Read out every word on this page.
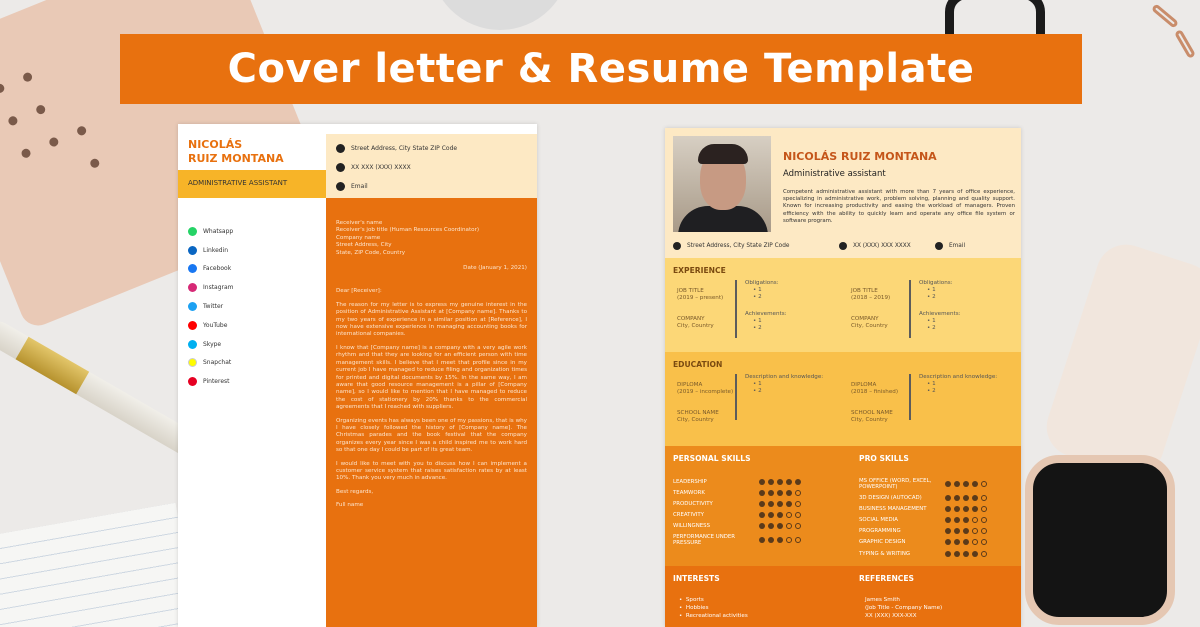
Cover letter & Resume Template
NICOLÁS
RUIZ MONTANA
ADMINISTRATIVE ASSISTANT
Whatsapp
Linkedin
Facebook
Instagram
Twitter
YouTube
Skype
Snapchat
Pinterest
Street Address, City State ZIP Code
XX XXX (XXX) XXXX
Email
Receiver's name
Receiver's job title (Human Resources Coordinator)
Company name
Street Address, City
State, ZIP Code, Country
Date (January 1, 2021)

Dear [Receiver]:

The reason for my letter is to express my genuine interest in the position of Administrative Assistant at [Company name]. Thanks to my two years of experience in a similar position at [Reference], I now have extensive experience in managing accounting books for international companies.

I know that [Company name] is a company with a very agile work rhythm and that they are looking for an efficient person with time management skills. I believe that I meet that profile since in my current job I have managed to reduce filing and organization times for printed and digital documents by 15%. In the same way, I am aware that good resource management is a pillar of [Company name], so I would like to mention that I have managed to reduce the cost of stationery by 20% thanks to the commercial agreements that I reached with suppliers.

Organizing events has always been one of my passions, that is why I have closely followed the history of [Company name]. The Christmas parades and the book festival that the company organizes every year since I was a child inspired me to work hard so that one day I could be part of its great team.

I would like to meet with you to discuss how I can implement a customer service system that raises satisfaction rates by at least 10%. Thank you very much in advance.

Best regards,

Full name

NICOLÁS RUIZ MONTANA
Administrative assistant
Competent administrative assistant with more than 7 years of office experience, specializing in administrative work, problem solving, planning and quality support. Known for increasing productivity and easing the workload of managers. Proven efficiency with the ability to quickly learn and operate any office file system or software program.
Street Address, City State ZIP Code	XX (XXX) XXX XXXX	Email
EXPERIENCE
JOB TITLE
(2019 – present)
COMPANY
City, Country
Obligations:
• 1
• 2
Achievements:
• 1
• 2
JOB TITLE
(2018 – 2019)
COMPANY
City, Country
Obligations:
• 1
• 2
Achievements:
• 1
• 2
EDUCATION
DIPLOMA
(2019 – incomplete)
SCHOOL NAME
City, Country
Description and knowledge:
• 1
• 2
DIPLOMA
(2018 – finished)
SCHOOL NAME
City, Country
Description and knowledge:
• 1
• 2
PERSONAL SKILLS	PRO SKILLS
LEADERSHIP
TEAMWORK
PRODUCTIVITY
CREATIVITY
WILLINGNESS
PERFORMANCE UNDER PRESSURE
MS OFFICE (WORD, EXCEL, POWERPOINT)
3D DESIGN (AUTOCAD)
BUSINESS MANAGEMENT
SOCIAL MEDIA
PROGRAMMING
GRAPHIC DESIGN
TYPING & WRITING
INTERESTS	REFERENCES
•  Sports
•  Hobbies
•  Recreational activities
James Smith
(Job Title - Company Name)
XX (XXX) XXX-XXX
